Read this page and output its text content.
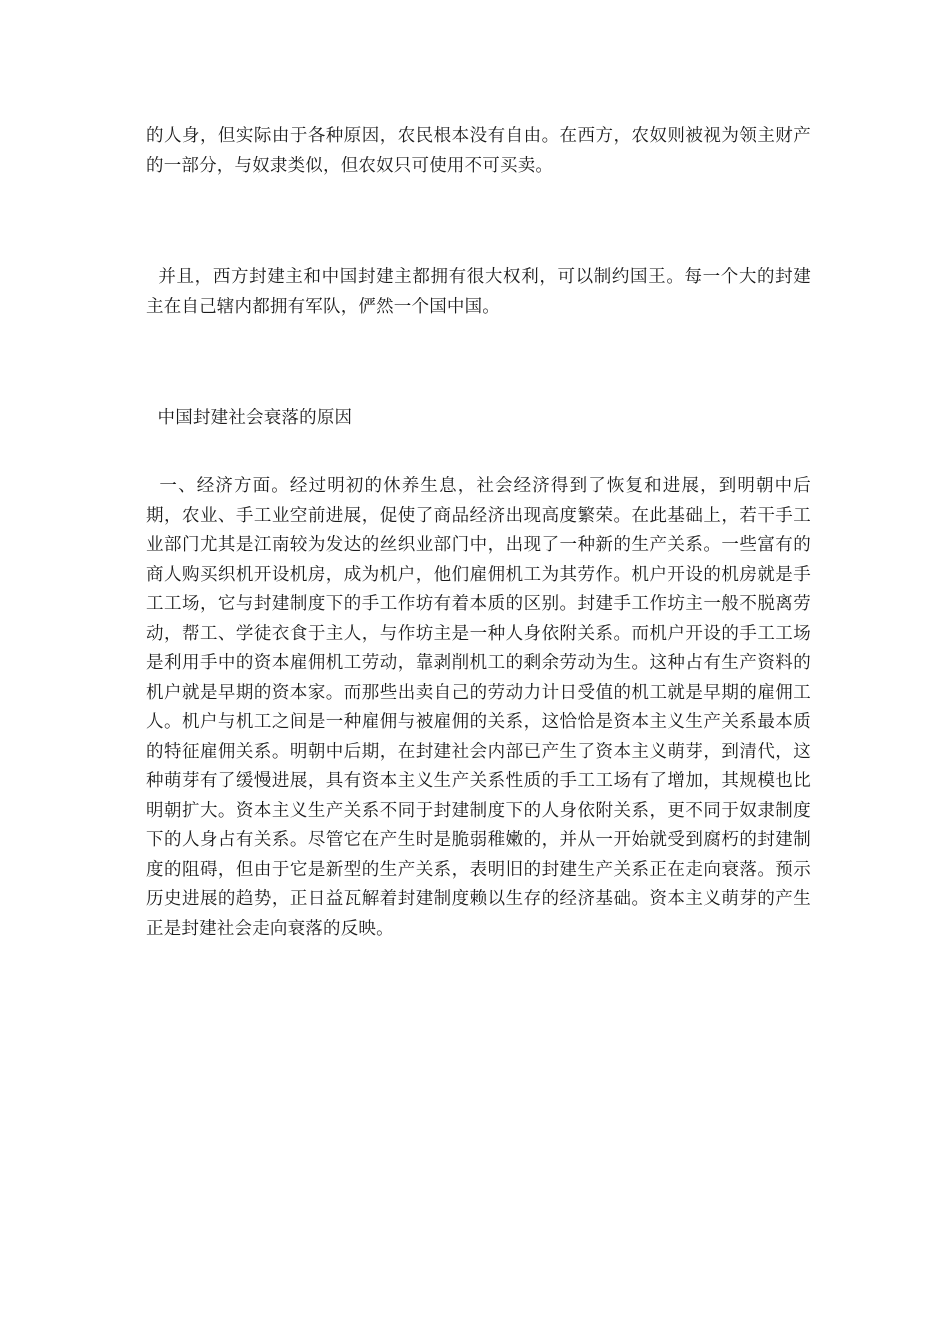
的人身，但实际由于各种原因，农民根本没有自由。在西方，农奴则被视为领主财产的一部分，与奴隶类似，但农奴只可使用不可买卖。

并且，西方封建主和中国封建主都拥有很大权利，可以制约国王。每一个大的封建主在自己辖内都拥有军队，俨然一个国中国。

中国封建社会衰落的原因

一、经济方面。经过明初的休养生息，社会经济得到了恢复和进展，到明朝中后期，农业、手工业空前进展，促使了商品经济出现高度繁荣。在此基础上，若干手工业部门尤其是江南较为发达的丝织业部门中，出现了一种新的生产关系。一些富有的商人购买织机开设机房，成为机户，他们雇佣机工为其劳作。机户开设的机房就是手工工场，它与封建制度下的手工作坊有着本质的区别。封建手工作坊主一般不脱离劳动，帮工、学徒衣食于主人，与作坊主是一种人身依附关系。而机户开设的手工工场是利用手中的资本雇佣机工劳动，靠剥削机工的剩余劳动为生。这种占有生产资料的机户就是早期的资本家。而那些出卖自己的劳动力计日受值的机工就是早期的雇佣工人。机户与机工之间是一种雇佣与被雇佣的关系，这恰恰是资本主义生产关系最本质的特征雇佣关系。明朝中后期，在封建社会内部已产生了资本主义萌芽，到清代，这种萌芽有了缓慢进展，具有资本主义生产关系性质的手工工场有了增加，其规模也比明朝扩大。资本主义生产关系不同于封建制度下的人身依附关系，更不同于奴隶制度下的人身占有关系。尽管它在产生时是脆弱稚嫩的，并从一开始就受到腐朽的封建制度的阻碍，但由于它是新型的生产关系，表明旧的封建生产关系正在走向衰落。预示历史进展的趋势，正日益瓦解着封建制度赖以生存的经济基础。资本主义萌芽的产生正是封建社会走向衰落的反映。
